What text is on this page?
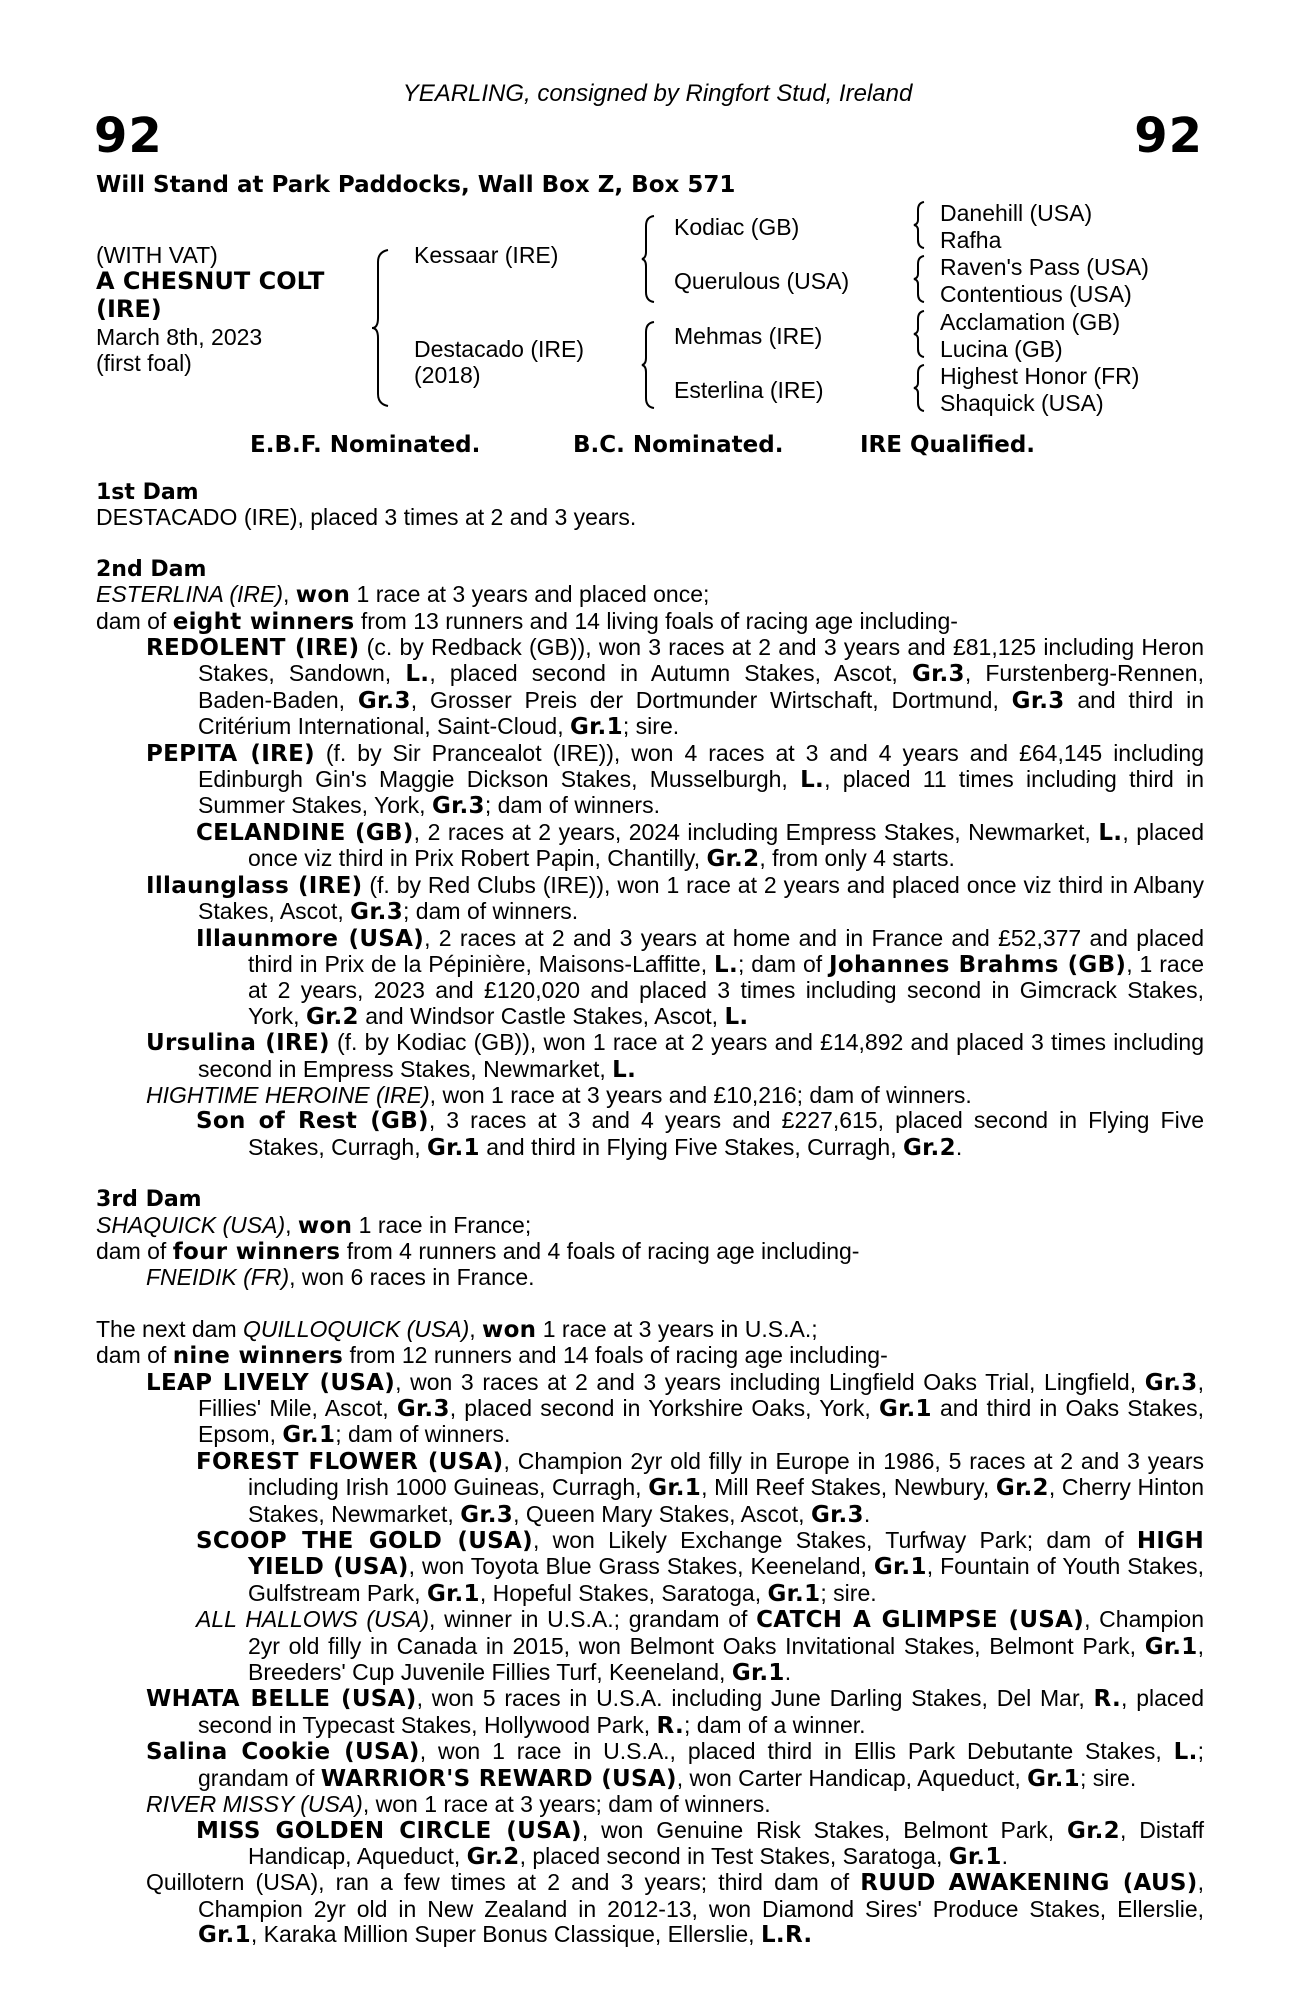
YEARLING, consigned by Ringfort Stud, Ireland
92	92
Will Stand at Park Paddocks, Wall Box Z, Box 571
(WITH VAT)
A CHESNUT COLT
(IRE)
March 8th, 2023
(first foal)
Kessaar (IRE)
Destacado (IRE)
(2018)
Kodiac (GB)
Querulous (USA)
Mehmas (IRE)
Esterlina (IRE)
Danehill (USA)
Rafha
Raven's Pass (USA)
Contentious (USA)
Acclamation (GB)
Lucina (GB)
Highest Honor (FR)
Shaquick (USA)
E.B.F. Nominated.	B.C. Nominated.	IRE Qualified.
1st Dam

DESTACADO (IRE), placed 3 times at 2 and 3 years.

2nd Dam

ESTERLINA (IRE), won 1 race at 3 years and placed once;

dam of eight winners from 13 runners and 14 living foals of racing age including-

REDOLENT (IRE) (c. by Redback (GB)), won 3 races at 2 and 3 years and £81,125 including Heron Stakes, Sandown, L., placed second in Autumn Stakes, Ascot, Gr.3, Furstenberg-Rennen, Baden-Baden, Gr.3, Grosser Preis der Dortmunder Wirtschaft, Dortmund, Gr.3 and third in Critérium International, Saint-Cloud, Gr.1; sire.

PEPITA (IRE) (f. by Sir Prancealot (IRE)), won 4 races at 3 and 4 years and £64,145 including Edinburgh Gin's Maggie Dickson Stakes, Musselburgh, L., placed 11 times including third in Summer Stakes, York, Gr.3; dam of winners.

CELANDINE (GB), 2 races at 2 years, 2024 including Empress Stakes, Newmarket, L., placed once viz third in Prix Robert Papin, Chantilly, Gr.2, from only 4 starts.

Illaunglass (IRE) (f. by Red Clubs (IRE)), won 1 race at 2 years and placed once viz third in Albany Stakes, Ascot, Gr.3; dam of winners.

Illaunmore (USA), 2 races at 2 and 3 years at home and in France and £52,377 and placed third in Prix de la Pépinière, Maisons-Laffitte, L.; dam of Johannes Brahms (GB), 1 race at 2 years, 2023 and £120,020 and placed 3 times including second in Gimcrack Stakes, York, Gr.2 and Windsor Castle Stakes, Ascot, L.

Ursulina (IRE) (f. by Kodiac (GB)), won 1 race at 2 years and £14,892 and placed 3 times including second in Empress Stakes, Newmarket, L.

HIGHTIME HEROINE (IRE), won 1 race at 3 years and £10,216; dam of winners.

Son of Rest (GB), 3 races at 3 and 4 years and £227,615, placed second in Flying Five Stakes, Curragh, Gr.1 and third in Flying Five Stakes, Curragh, Gr.2.

3rd Dam

SHAQUICK (USA), won 1 race in France;

dam of four winners from 4 runners and 4 foals of racing age including-

FNEIDIK (FR), won 6 races in France.

The next dam QUILLOQUICK (USA), won 1 race at 3 years in U.S.A.;

dam of nine winners from 12 runners and 14 foals of racing age including-

LEAP LIVELY (USA), won 3 races at 2 and 3 years including Lingfield Oaks Trial, Lingfield, Gr.3, Fillies' Mile, Ascot, Gr.3, placed second in Yorkshire Oaks, York, Gr.1 and third in Oaks Stakes, Epsom, Gr.1; dam of winners.

FOREST FLOWER (USA), Champion 2yr old filly in Europe in 1986, 5 races at 2 and 3 years including Irish 1000 Guineas, Curragh, Gr.1, Mill Reef Stakes, Newbury, Gr.2, Cherry Hinton Stakes, Newmarket, Gr.3, Queen Mary Stakes, Ascot, Gr.3.

SCOOP THE GOLD (USA), won Likely Exchange Stakes, Turfway Park; dam of HIGH YIELD (USA), won Toyota Blue Grass Stakes, Keeneland, Gr.1, Fountain of Youth Stakes, Gulfstream Park, Gr.1, Hopeful Stakes, Saratoga, Gr.1; sire.

ALL HALLOWS (USA), winner in U.S.A.; grandam of CATCH A GLIMPSE (USA), Champion 2yr old filly in Canada in 2015, won Belmont Oaks Invitational Stakes, Belmont Park, Gr.1, Breeders' Cup Juvenile Fillies Turf, Keeneland, Gr.1.

WHATA BELLE (USA), won 5 races in U.S.A. including June Darling Stakes, Del Mar, R., placed second in Typecast Stakes, Hollywood Park, R.; dam of a winner.

Salina Cookie (USA), won 1 race in U.S.A., placed third in Ellis Park Debutante Stakes, L.; grandam of WARRIOR'S REWARD (USA), won Carter Handicap, Aqueduct, Gr.1; sire.

RIVER MISSY (USA), won 1 race at 3 years; dam of winners.

MISS GOLDEN CIRCLE (USA), won Genuine Risk Stakes, Belmont Park, Gr.2, Distaff Handicap, Aqueduct, Gr.2, placed second in Test Stakes, Saratoga, Gr.1.

Quillotern (USA), ran a few times at 2 and 3 years; third dam of RUUD AWAKENING (AUS), Champion 2yr old in New Zealand in 2012-13, won Diamond Sires' Produce Stakes, Ellerslie, Gr.1, Karaka Million Super Bonus Classique, Ellerslie, L.R.
